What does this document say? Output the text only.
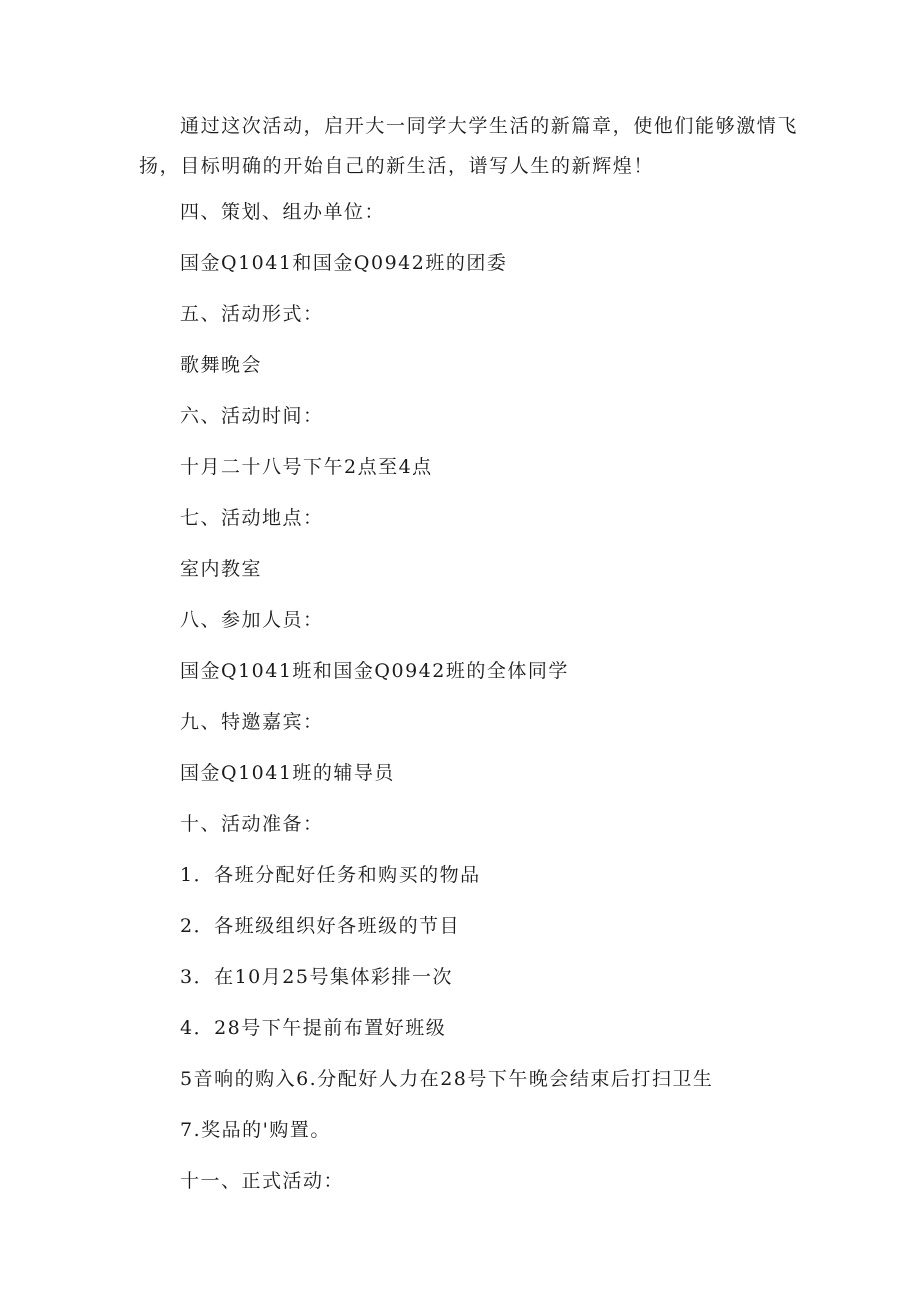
通过这次活动，启开大一同学大学生活的新篇章，使他们能够激情飞扬，目标明确的开始自己的新生活，谱写人生的新辉煌！

四、策划、组办单位：
国金Q1041和国金Q0942班的团委
五、活动形式：
歌舞晚会
六、活动时间：
十月二十八号下午2点至4点
七、活动地点：
室内教室
八、参加人员：
国金Q1041班和国金Q0942班的全体同学
九、特邀嘉宾：
国金Q1041班的辅导员
十、活动准备：
1．各班分配好任务和购买的物品
2．各班级组织好各班级的节目
3．在10月25号集体彩排一次
4．28号下午提前布置好班级
5音响的购入6.分配好人力在28号下午晚会结束后打扫卫生
7.奖品的'购置。
十一、正式活动：
